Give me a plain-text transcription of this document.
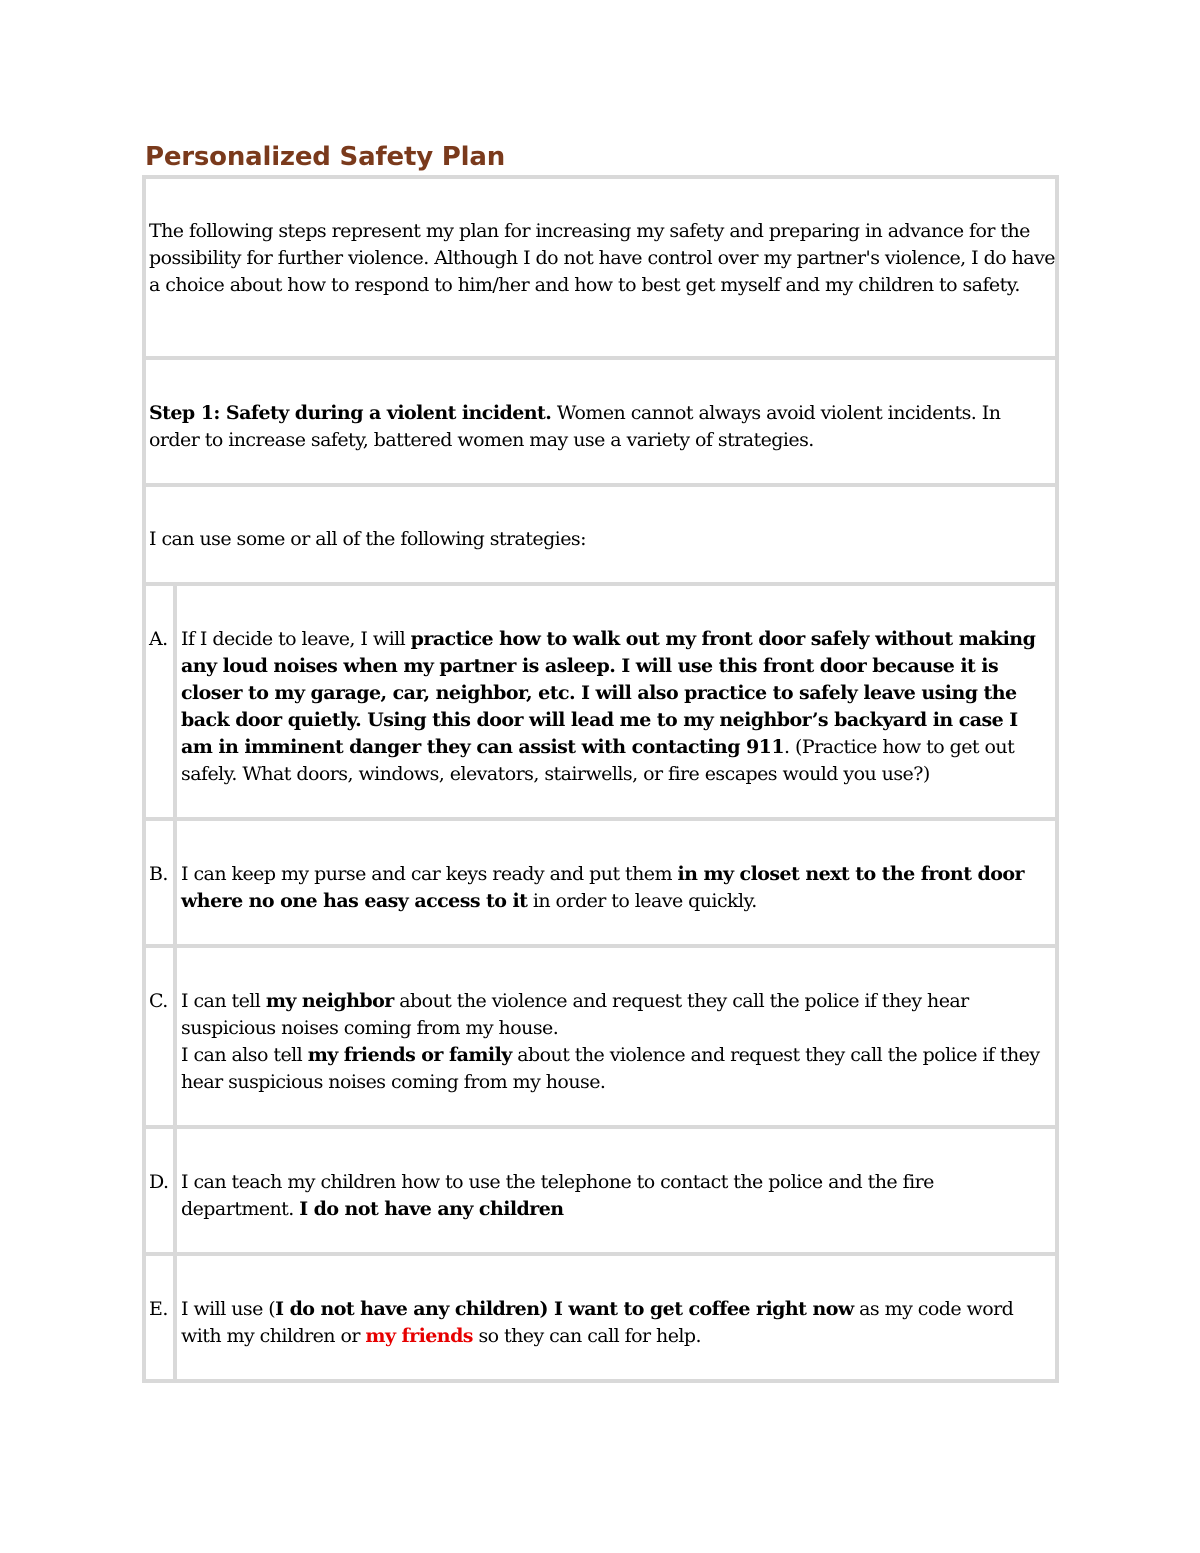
Personalized Safety Plan
The following steps represent my plan for increasing my safety and preparing in advance for the possibility for further violence. Although I do not have control over my partner's violence, I do have a choice about how to respond to him/her and how to best get myself and my children to safety.	

Step 1: Safety during a violent incident. Women cannot always avoid violent incidents. In order to increase safety, battered women may use a variety of strategies.	

I can use some or all of the following strategies:	

A.	If I decide to leave, I will practice how to walk out my front door safely without making any loud noises when my partner is asleep. I will use this front door because it is closer to my garage, car, neighbor, etc. I will also practice to safely leave using the back door quietly. Using this door will lead me to my neighbor’s backyard in case I am in imminent danger they can assist with contacting 911. (Practice how to get out safely. What doors, windows, elevators, stairwells, or fire escapes would you use?)

B.	I can keep my purse and car keys ready and put them in my closet next to the front door where no one has easy access to it in order to leave quickly.

C.	I can tell my neighbor about the violence and request they call the police if they hear suspicious noises coming from my house.
I can also tell my friends or family about the violence and request they call the police if they hear suspicious noises coming from my house.

D.	I can teach my children how to use the telephone to contact the police and the fire department. I do not have any children

E.	I will use (I do not have any children) I want to get coffee right now as my code word with my children or my friends so they can call for help.
